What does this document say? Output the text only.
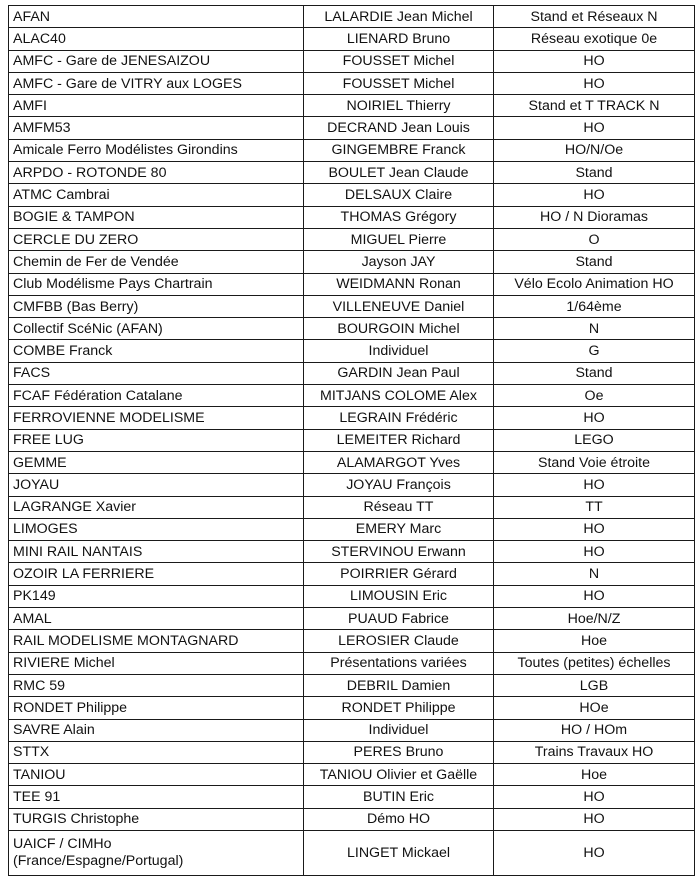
AFAN	LALARDIE Jean Michel	Stand et Réseaux N
ALAC40	LIENARD Bruno	Réseau exotique 0e
AMFC - Gare de JENESAIZOU	FOUSSET Michel	HO
AMFC - Gare de VITRY aux LOGES	FOUSSET Michel	HO
AMFI	NOIRIEL Thierry	Stand et T TRACK N
AMFM53	DECRAND Jean Louis	HO
Amicale Ferro Modélistes Girondins	GINGEMBRE Franck	HO/N/Oe
ARPDO - ROTONDE 80	BOULET Jean Claude	Stand
ATMC Cambrai	DELSAUX Claire	HO
BOGIE & TAMPON	THOMAS Grégory	HO / N Dioramas
CERCLE DU ZERO	MIGUEL Pierre	O
Chemin de Fer de Vendée	Jayson JAY	Stand
Club Modélisme Pays Chartrain	WEIDMANN Ronan	Vélo Ecolo Animation HO
CMFBB (Bas Berry)	VILLENEUVE Daniel	1/64ème
Collectif ScéNic (AFAN)	BOURGOIN Michel	N
COMBE Franck	Individuel	G
FACS	GARDIN Jean Paul	Stand
FCAF Fédération Catalane	MITJANS COLOME Alex	Oe
FERROVIENNE MODELISME	LEGRAIN Frédéric	HO
FREE LUG	LEMEITER Richard	LEGO
GEMME	ALAMARGOT Yves	Stand Voie étroite
JOYAU	JOYAU François	HO
LAGRANGE Xavier	Réseau TT	TT
LIMOGES	EMERY Marc	HO
MINI RAIL NANTAIS	STERVINOU Erwann	HO
OZOIR LA FERRIERE	POIRRIER Gérard	N
PK149	LIMOUSIN Eric	HO
AMAL	PUAUD Fabrice	Hoe/N/Z
RAIL MODELISME MONTAGNARD	LEROSIER Claude	Hoe
RIVIERE Michel	Présentations variées	Toutes (petites) échelles
RMC 59	DEBRIL Damien	LGB
RONDET Philippe	RONDET Philippe	HOe
SAVRE Alain	Individuel	HO / HOm
STTX	PERES Bruno	Trains Travaux HO
TANIOU	TANIOU Olivier et Gaëlle	Hoe
TEE 91	BUTIN Eric	HO
TURGIS Christophe	Démo HO	HO

UAICF / CIMHo
(France/Espagne/Portugal)	LINGET Mickael	HO
